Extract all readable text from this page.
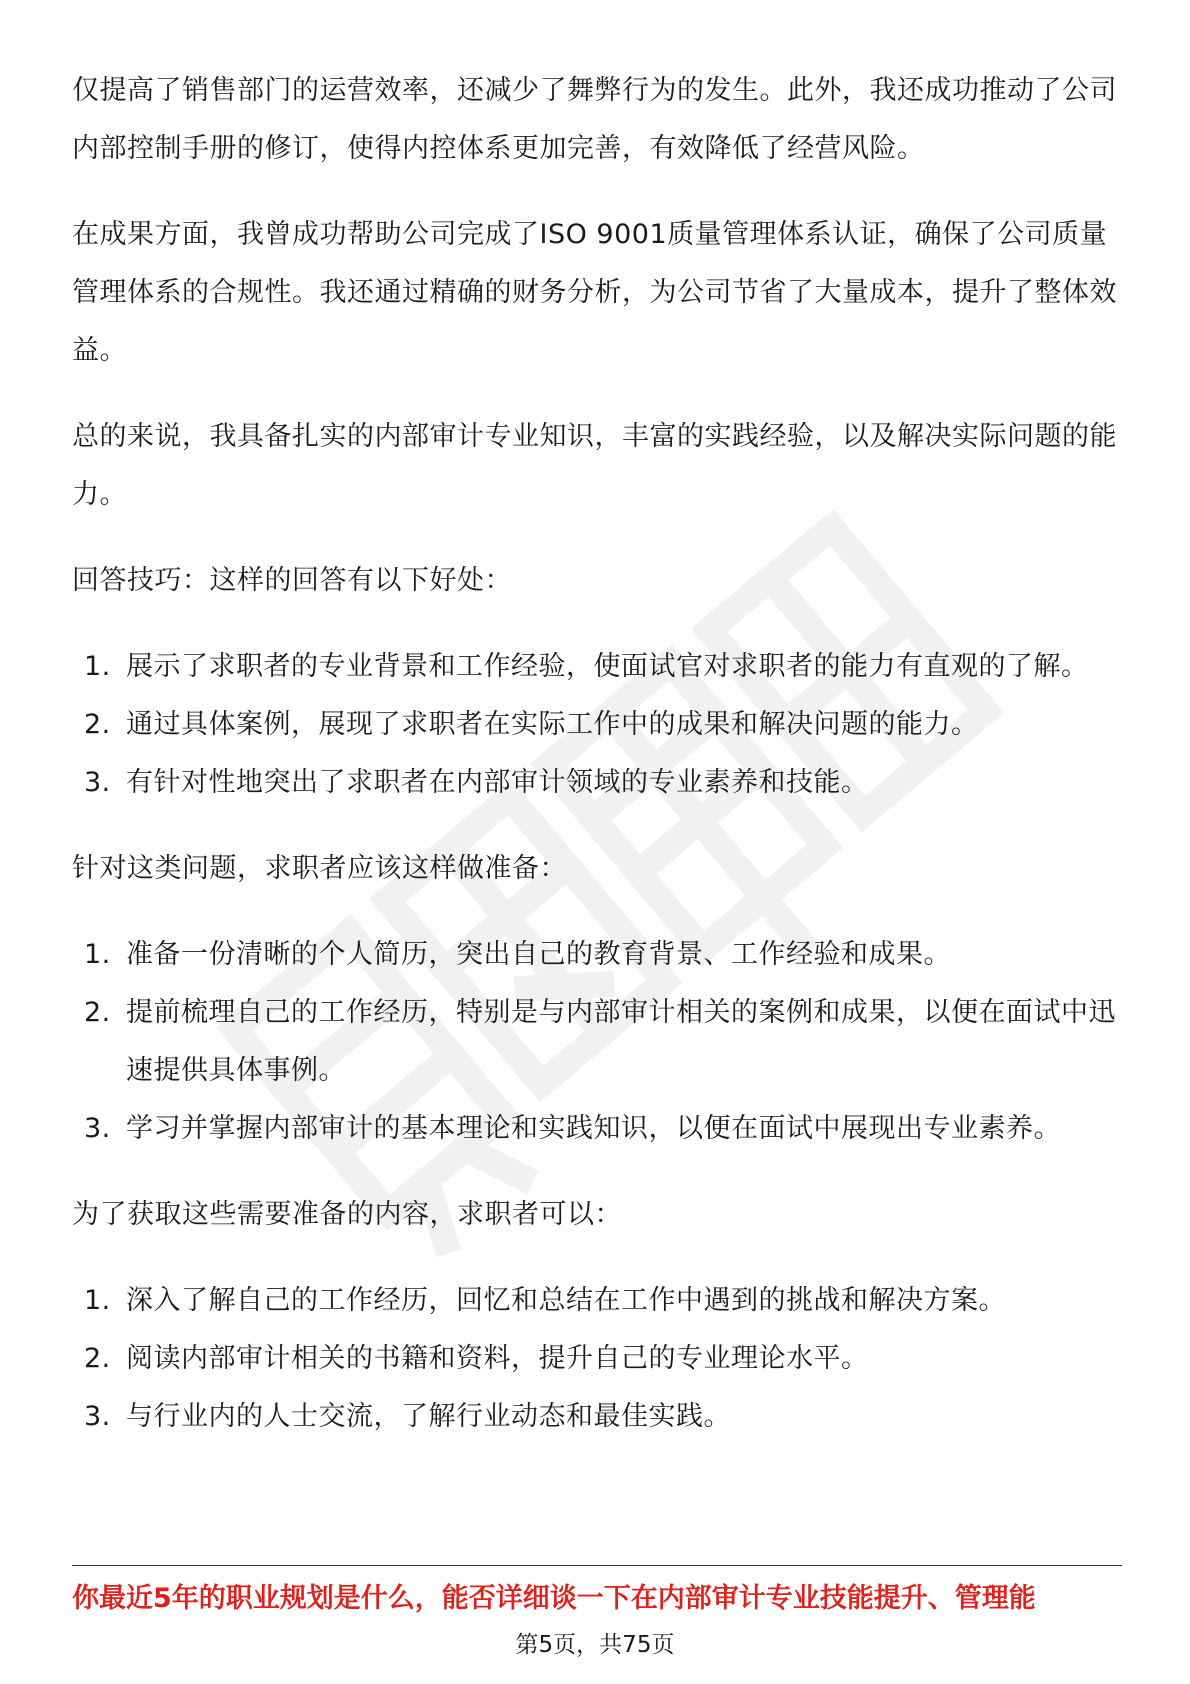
仅提高了销售部门的运营效率，还减少了舞弊行为的发生。此外，我还成功推动了公司内部控制手册的修订，使得内控体系更加完善，有效降低了经营风险。

在成果方面，我曾成功帮助公司完成了ISO 9001质量管理体系认证，确保了公司质量管理体系的合规性。我还通过精确的财务分析，为公司节省了大量成本，提升了整体效益。

总的来说，我具备扎实的内部审计专业知识，丰富的实践经验，以及解决实际问题的能力。

回答技巧：这样的回答有以下好处：

1. 展示了求职者的专业背景和工作经验，使面试官对求职者的能力有直观的了解。
2. 通过具体案例，展现了求职者在实际工作中的成果和解决问题的能力。
3. 有针对性地突出了求职者在内部审计领域的专业素养和技能。

针对这类问题，求职者应该这样做准备：

1. 准备一份清晰的个人简历，突出自己的教育背景、工作经验和成果。
2. 提前梳理自己的工作经历，特别是与内部审计相关的案例和成果，以便在面试中迅速提供具体事例。
3. 学习并掌握内部审计的基本理论和实践知识，以便在面试中展现出专业素养。

为了获取这些需要准备的内容，求职者可以：

1. 深入了解自己的工作经历，回忆和总结在工作中遇到的挑战和解决方案。
2. 阅读内部审计相关的书籍和资料，提升自己的专业理论水平。
3. 与行业内的人士交流，了解行业动态和最佳实践。
你最近5年的职业规划是什么，能否详细谈一下在内部审计专业技能提升、管理能
第5页，共75页
